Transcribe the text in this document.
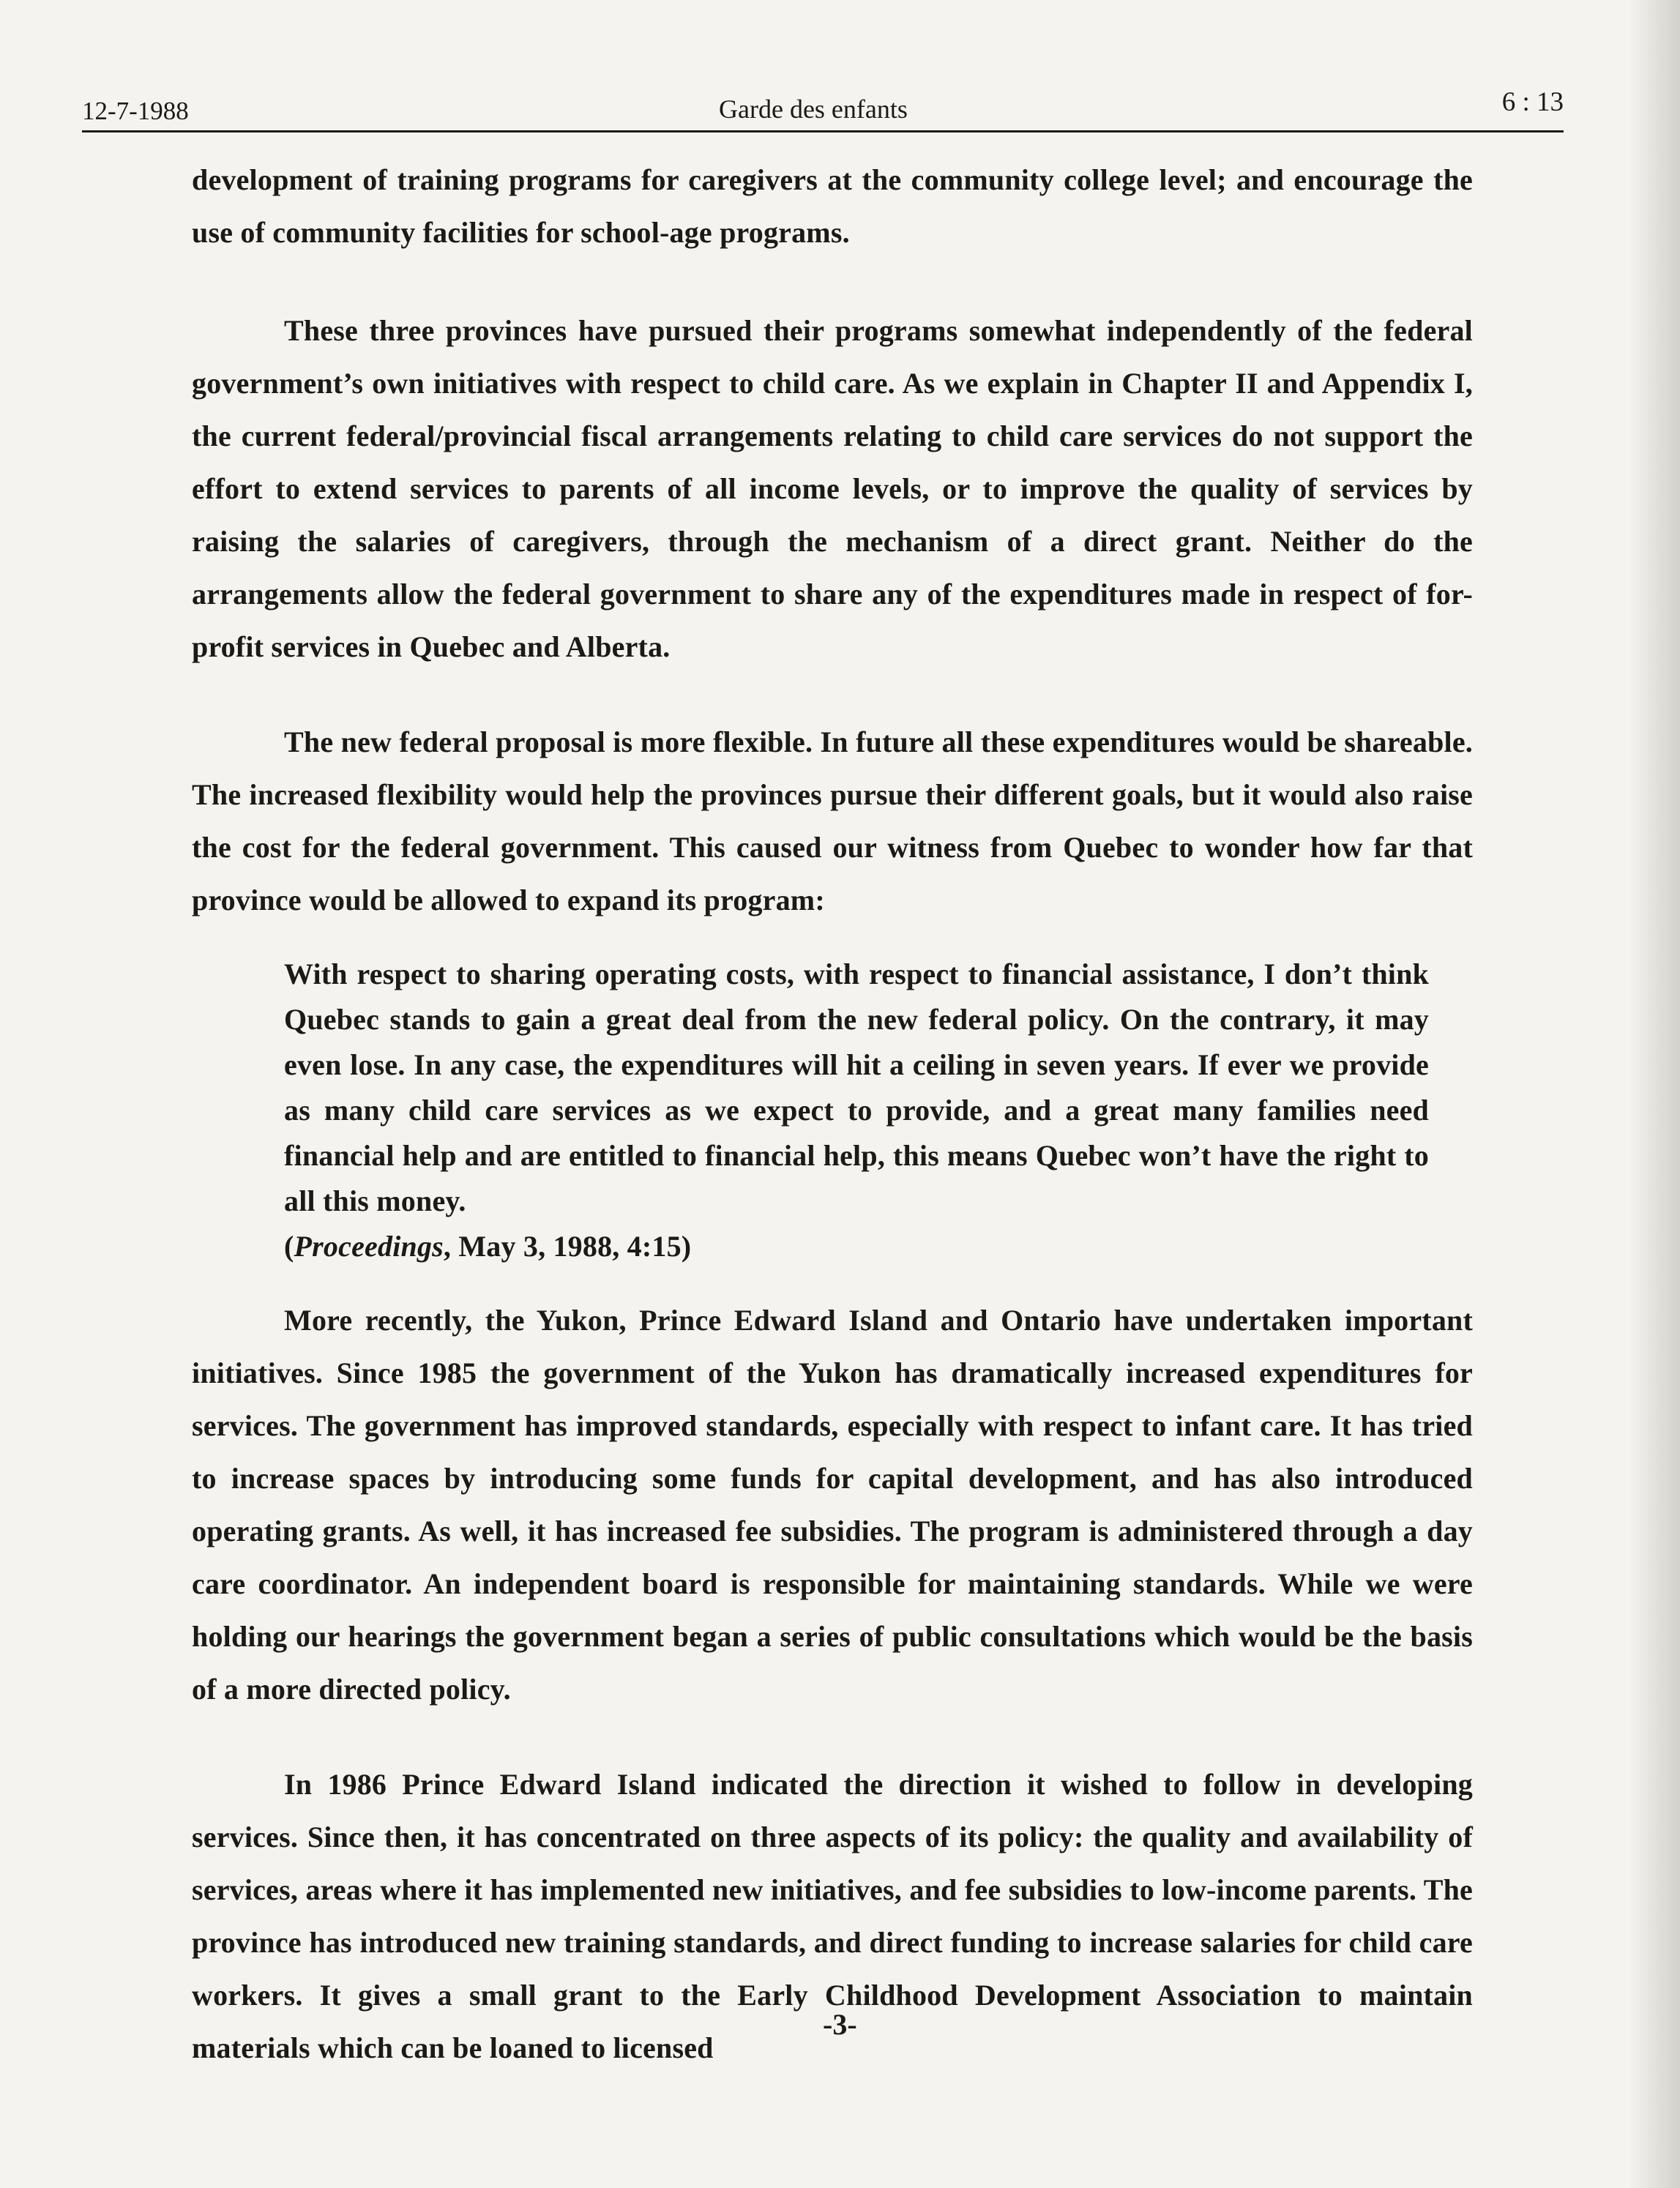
12-7-1988	Garde des enfants	6 : 13

development of training programs for caregivers at the community college level; and encourage the use of community facilities for school-age programs.

These three provinces have pursued their programs somewhat independently of the federal government’s own initiatives with respect to child care. As we explain in Chapter II and Appendix I, the current federal/provincial fiscal arrangements relating to child care services do not support the effort to extend services to parents of all income levels, or to improve the quality of services by raising the salaries of caregivers, through the mechanism of a direct grant. Neither do the arrangements allow the federal government to share any of the expenditures made in respect of for-profit services in Quebec and Alberta.

The new federal proposal is more flexible. In future all these expenditures would be shareable. The increased flexibility would help the provinces pursue their different goals, but it would also raise the cost for the federal government. This caused our witness from Quebec to wonder how far that province would be allowed to expand its program:

With respect to sharing operating costs, with respect to financial assistance, I don’t think Quebec stands to gain a great deal from the new federal policy. On the contrary, it may even lose. In any case, the expenditures will hit a ceiling in seven years. If ever we provide as many child care services as we expect to provide, and a great many families need financial help and are entitled to financial help, this means Quebec won’t have the right to all this money.
(Proceedings, May 3, 1988, 4:15)

More recently, the Yukon, Prince Edward Island and Ontario have undertaken important initiatives. Since 1985 the government of the Yukon has dramatically increased expenditures for services. The government has improved standards, especially with respect to infant care. It has tried to increase spaces by introducing some funds for capital development, and has also introduced operating grants. As well, it has increased fee subsidies. The program is administered through a day care coordinator. An independent board is responsible for maintaining standards. While we were holding our hearings the government began a series of public consultations which would be the basis of a more directed policy.

In 1986 Prince Edward Island indicated the direction it wished to follow in developing services. Since then, it has concentrated on three aspects of its policy: the quality and availability of services, areas where it has implemented new initiatives, and fee subsidies to low-income parents. The province has introduced new training standards, and direct funding to increase salaries for child care workers. It gives a small grant to the Early Childhood Development Association to maintain materials which can be loaned to licensed

-3-
